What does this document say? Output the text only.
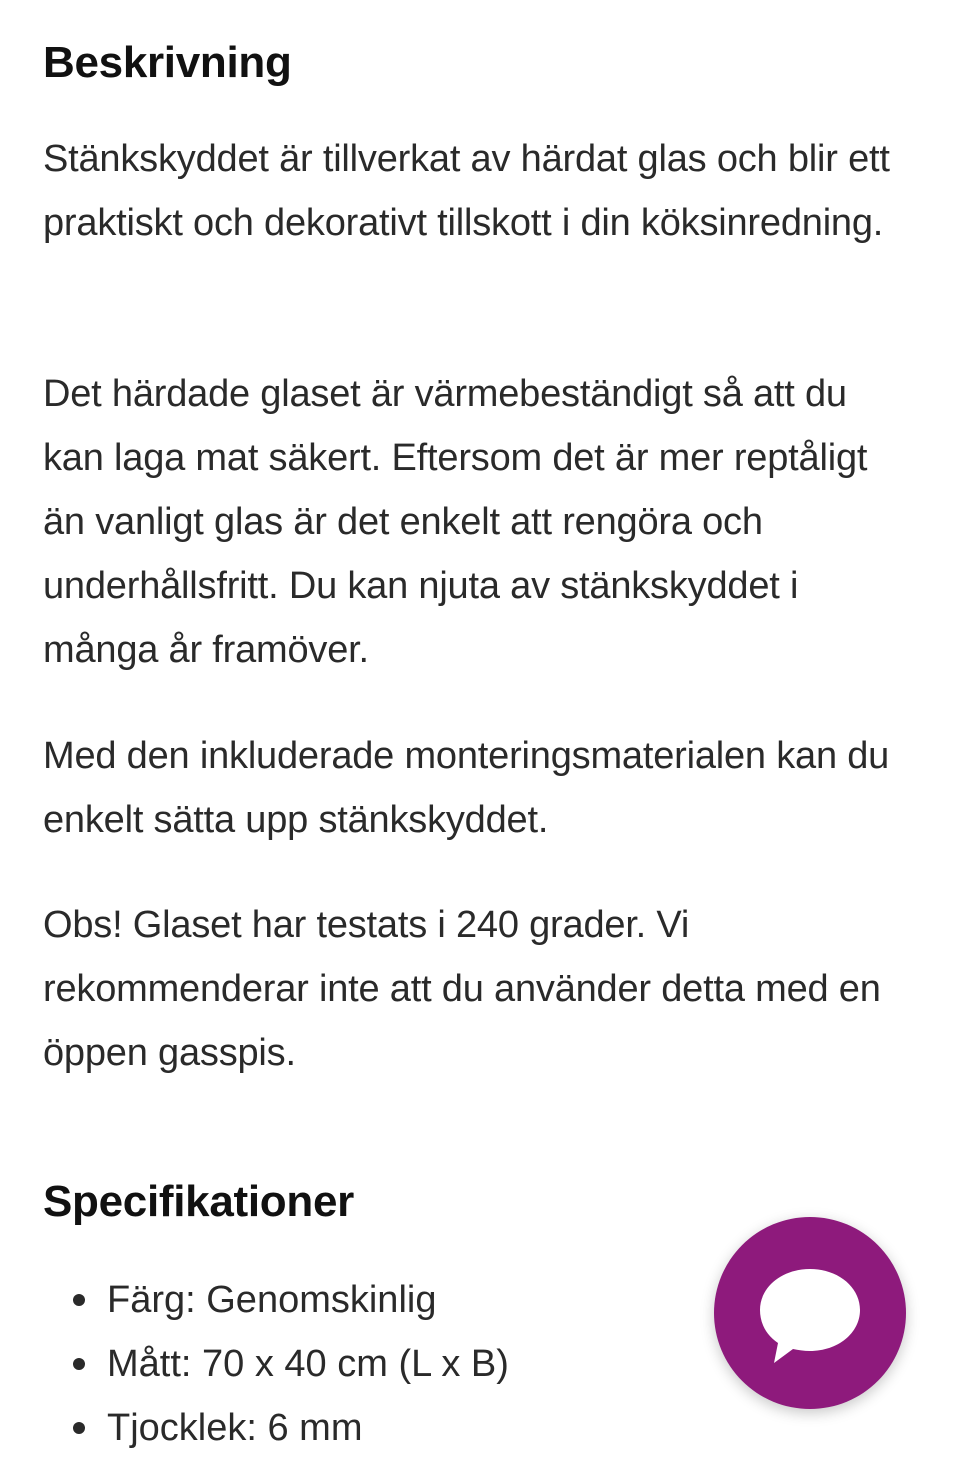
Beskrivning

Stänkskyddet är tillverkat av härdat glas och blir ett praktiskt och dekorativt tillskott i din köksinredning.

Det härdade glaset är värmebeständigt så att du kan laga mat säkert. Eftersom det är mer reptåligt än vanligt glas är det enkelt att rengöra och underhållsfritt. Du kan njuta av stänkskyddet i många år framöver.

Med den inkluderade monteringsmaterialen kan du enkelt sätta upp stänkskyddet.

Obs! Glaset har testats i 240 grader. Vi rekommenderar inte att du använder detta med en öppen gasspis.

Specifikationer
Färg: Genomskinlig
Mått: 70 x 40 cm (L x B)
Tjocklek: 6 mm
